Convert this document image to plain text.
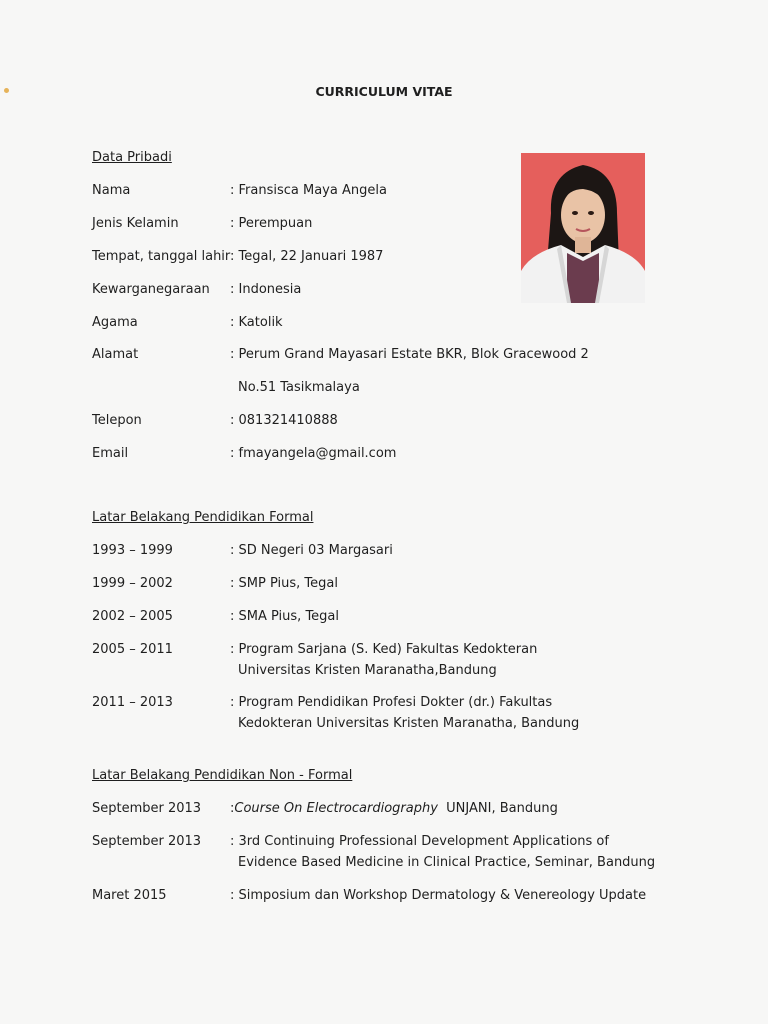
CURRICULUM VITAE
Data Pribadi
Nama	: Fransisca Maya Angela
Jenis Kelamin	: Perempuan
Tempat, tanggal lahir : Tegal, 22 Januari 1987
Kewarganegaraan : Indonesia
Agama	: Katolik
Alamat	: Perum Grand Mayasari Estate BKR, Blok Gracewood 2
No.51 Tasikmalaya
Telepon	: 081321410888
Email	: fmayangela@gmail.com
Latar Belakang Pendidikan Formal
1993 – 1999	: SD Negeri 03 Margasari
1999 – 2002	: SMP Pius, Tegal
2002 – 2005	: SMA Pius, Tegal
2005 – 2011	: Program Sarjana (S. Ked) Fakultas Kedokteran
Universitas Kristen Maranatha,Bandung
2011 – 2013	: Program Pendidikan Profesi Dokter (dr.) Fakultas
Kedokteran Universitas Kristen Maranatha, Bandung
Latar Belakang Pendidikan Non - Formal
September 2013 :Course On Electrocardiography  UNJANI, Bandung
September 2013 : 3rd Continuing Professional Development Applications of
Evidence Based Medicine in Clinical Practice, Seminar, Bandung
Maret 2015	: Simposium dan Workshop Dermatology & Venereology Update
